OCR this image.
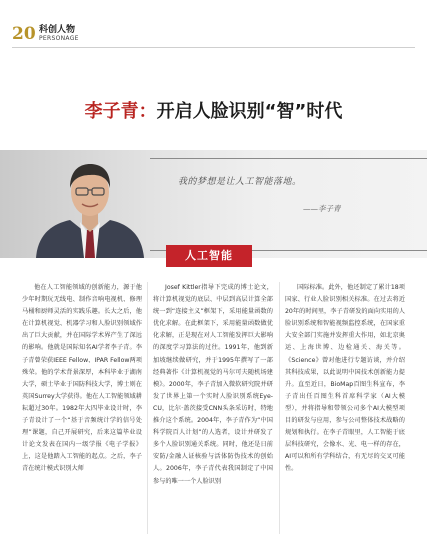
20 科创人物
PERSONAGE
李子青：开启人脸识别“智”时代
我的梦想是让人工智能落地。
——李子青
人工智能

他在人工智能领域的创新能力，源于他少年时期玩无线电、制作音响电视机、修理马桶和厨师灵活的实践乐趣。长大之后，他在计算机视觉、机器学习和人脸识别领域作出了巨大贡献，并在国际学术界产生了深远的影响。他就是国际知名AI学者李子青。李子青曾荣获IEEE Fellow、IPAR Fellow两项殊荣。他的学术背景深厚，本科毕业于湖南大学，硕士毕业于国防科技大学，博士则在英国Surrey大学获得。他在人工智能领域耕耘超过30年。1982年大四毕业设计时，李子青设计了一个“基于音频统计学的信号处理”课题，自己开展研究，后来这篇毕业设计论文发表在国内一级学报《电子学报》上，这是他踏入工智能的起点。之后，李子青在统计模式识别大师

Josef Kittler指导下完成的博士论文，将计算机视觉的底层、中层到高层计算全部统一到“连接主义”框架下，采用能量函数的优化求解。在此框架下，采用能量函数做优化求解，正是现在对人工智能发挥巨大影响的深度学习算法的过往。1991年，他到新加坡继续做研究，并于1995年撰写了一部经典著作《计算机视觉的马尔可夫随机场建模》。2000年，李子青加入微软研究院并研发了世界上第一个实时人脸识别系统Eye-CU，比尔·盖茨接受CNN头条采访时，特地推介这个系统。2004年，李子青作为“中国科学院百人计划”的人选者，设计并研发了多个人脸识别通关系统。同时，他还是日前安防/金融人证核验与活体防伪技术的创始人。2006年，李子青代表我国制定了中国参与的唯一一个人脸识别

国际标准。此外，他还制定了累计18项国家、行业人脸识别相关标准。在过去将近20年的时间里，李子青研发的面向实用的人脸识别系统和智能视频监控系统，在国家重大安全部门实施并发挥重大作用，如北京奥运、上海世博、边检通关、海关等。《Science》曾对他进行专题访谈，并介绍其科技成果，以此说明中国技术创新能力提升。直至近日，BioMap百图生科宣布，李子青出任百图生科首席科学家（AI大模型），并将指导和带领公司多个AI大模型项目的研发与应用，参与公司整体技术战略的规划和执行。在李子青眼里，人工智能于底层科技研究，会像水、光、电一样的存在，AI可以和所有学科结合，有无尽的交叉可能性。
